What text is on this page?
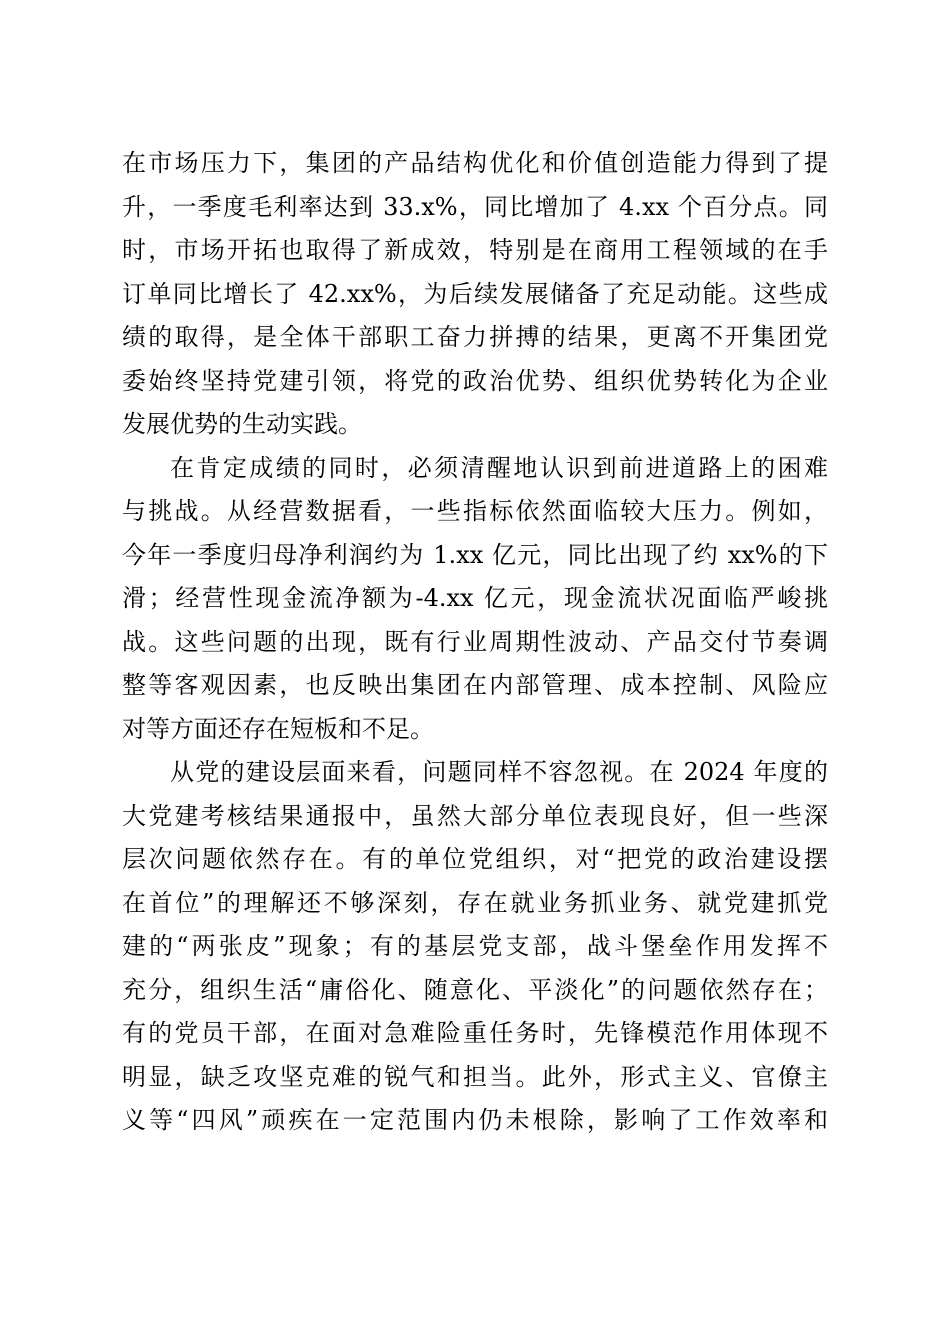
在市场压力下，集团的产品结构优化和价值创造能力得到了提
升，一季度毛利率达到 33.x%，同比增加了 4.xx 个百分点。同
时，市场开拓也取得了新成效，特别是在商用工程领域的在手
订单同比增长了 42.xx%，为后续发展储备了充足动能。这些成
绩的取得，是全体干部职工奋力拼搏的结果，更离不开集团党
委始终坚持党建引领，将党的政治优势、组织优势转化为企业
发展优势的生动实践。
在肯定成绩的同时，必须清醒地认识到前进道路上的困难
与挑战。从经营数据看，一些指标依然面临较大压力。例如，
今年一季度归母净利润约为 1.xx 亿元，同比出现了约 xx%的下
滑；经营性现金流净额为-4.xx 亿元，现金流状况面临严峻挑
战。这些问题的出现，既有行业周期性波动、产品交付节奏调
整等客观因素，也反映出集团在内部管理、成本控制、风险应
对等方面还存在短板和不足。
从党的建设层面来看，问题同样不容忽视。在 2024 年度的
大党建考核结果通报中，虽然大部分单位表现良好，但一些深
层次问题依然存在。有的单位党组织，对“把党的政治建设摆
在首位”的理解还不够深刻，存在就业务抓业务、就党建抓党
建的“两张皮”现象；有的基层党支部，战斗堡垒作用发挥不
充分，组织生活“庸俗化、随意化、平淡化”的问题依然存在；
有的党员干部，在面对急难险重任务时，先锋模范作用体现不
明显，缺乏攻坚克难的锐气和担当。此外，形式主义、官僚主
义等“四风”顽疾在一定范围内仍未根除，影响了工作效率和
